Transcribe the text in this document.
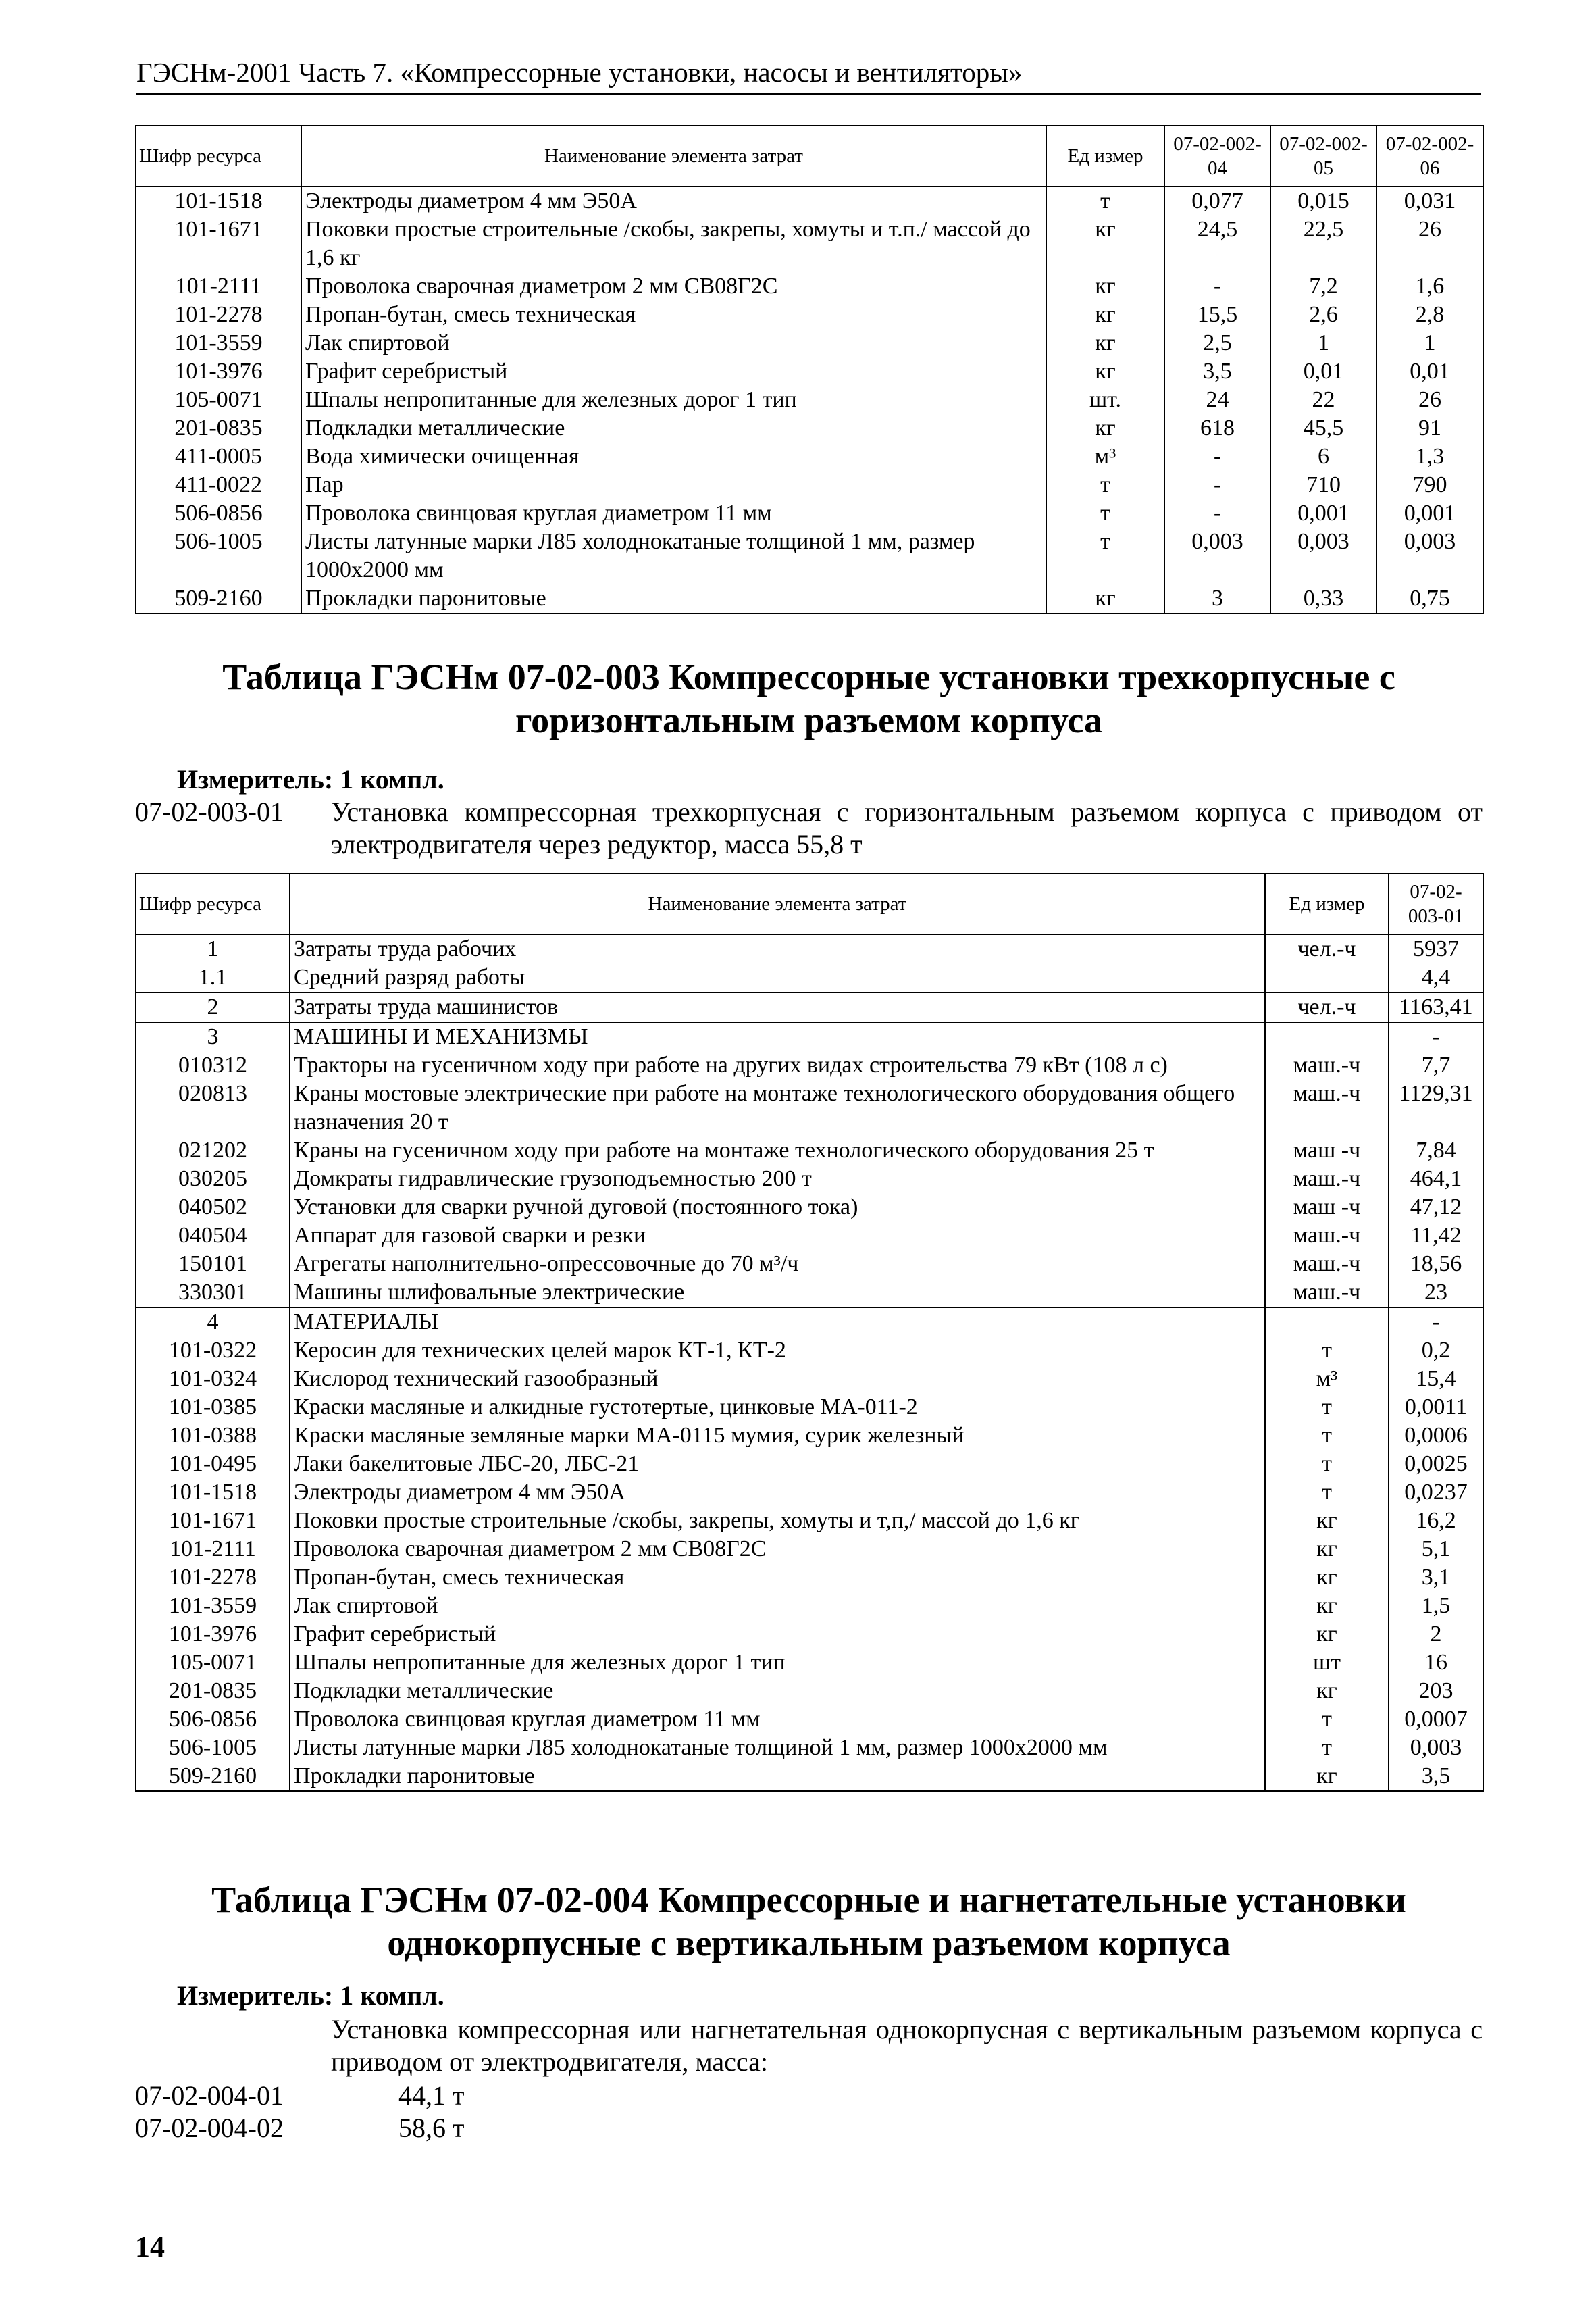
ГЭСНм-2001 Часть 7. «Компрессорные установки, насосы и вентиляторы»
Шифр ресурса	Наименование элемента затрат	Ед измер	07-02-002-04	07-02-002-05	07-02-002-06
101-1518	Электроды диаметром 4 мм Э50А	т	0,077	0,015	0,031
101-1671	Поковки простые строительные /скобы, закрепы, хомуты и т.п./ массой до 1,6 кг	кг	24,5	22,5	26
101-2111	Проволока сварочная диаметром 2 мм СВ08Г2С	кг	-	7,2	1,6
101-2278	Пропан-бутан, смесь техническая	кг	15,5	2,6	2,8
101-3559	Лак спиртовой	кг	2,5	1	1
101-3976	Графит серебристый	кг	3,5	0,01	0,01
105-0071	Шпалы непропитанные для железных дорог 1 тип	шт.	24	22	26
201-0835	Подкладки металлические	кг	618	45,5	91
411-0005	Вода химически очищенная	м³	-	6	1,3
411-0022	Пар	т	-	710	790
506-0856	Проволока свинцовая круглая диаметром 11 мм	т	-	0,001	0,001
506-1005	Листы латунные марки Л85 холоднокатаные толщиной 1 мм, размер 1000х2000 мм	т	0,003	0,003	0,003
509-2160	Прокладки паронитовые	кг	3	0,33	0,75
Таблица ГЭСНм 07-02-003 Компрессорные установки трехкорпусные с горизонтальным разъемом корпуса
Измеритель: 1 компл.
07-02-003-01 Установка компрессорная трехкорпусная с горизонтальным разъемом корпуса с приводом от электродвигателя через редуктор, масса 55,8 т
Шифр ресурса	Наименование элемента затрат	Ед измер	07-02-003-01
1	Затраты труда рабочих	чел.-ч	5937
1.1	Средний разряд работы		4,4
2	Затраты труда машинистов	чел.-ч	1163,41
3	МАШИНЫ И МЕХАНИЗМЫ		-
010312	Тракторы на гусеничном ходу при работе на других видах строительства 79 кВт (108 л с)	маш.-ч	7,7
020813	Краны мостовые электрические при работе на монтаже технологического оборудования общего назначения 20 т	маш.-ч	1129,31
021202	Краны на гусеничном ходу при работе на монтаже технологического оборудования 25 т	маш -ч	7,84
030205	Домкраты гидравлические грузоподъемностью 200 т	маш.-ч	464,1
040502	Установки для сварки ручной дуговой (постоянного тока)	маш -ч	47,12
040504	Аппарат для газовой сварки и резки	маш.-ч	11,42
150101	Агрегаты наполнительно-опрессовочные до 70 м³/ч	маш.-ч	18,56
330301	Машины шлифовальные электрические	маш.-ч	23
4	МАТЕРИАЛЫ		-
101-0322	Керосин для технических целей марок КТ-1, КТ-2	т	0,2
101-0324	Кислород технический газообразный	м³	15,4
101-0385	Краски масляные и алкидные густотертые, цинковые МА-011-2	т	0,0011
101-0388	Краски масляные земляные марки МА-0115 мумия, сурик железный	т	0,0006
101-0495	Лаки бакелитовые ЛБС-20, ЛБС-21	т	0,0025
101-1518	Электроды диаметром 4 мм Э50А	т	0,0237
101-1671	Поковки простые строительные /скобы, закрепы, хомуты и т,п,/ массой до 1,6 кг	кг	16,2
101-2111	Проволока сварочная диаметром 2 мм СВ08Г2С	кг	5,1
101-2278	Пропан-бутан, смесь техническая	кг	3,1
101-3559	Лак спиртовой	кг	1,5
101-3976	Графит серебристый	кг	2
105-0071	Шпалы непропитанные для железных дорог 1 тип	шт	16
201-0835	Подкладки металлические	кг	203
506-0856	Проволока свинцовая круглая диаметром 11 мм	т	0,0007
506-1005	Листы латунные марки Л85 холоднокатаные толщиной 1 мм, размер 1000х2000 мм	т	0,003
509-2160	Прокладки паронитовые	кг	3,5
Таблица ГЭСНм 07-02-004 Компрессорные и нагнетательные установки однокорпусные с вертикальным разъемом корпуса
Измеритель: 1 компл.
Установка компрессорная или нагнетательная однокорпусная с вертикальным разъемом корпуса с приводом от электродвигателя, масса:
07-02-004-01	44,1 т
07-02-004-02	58,6 т
14
